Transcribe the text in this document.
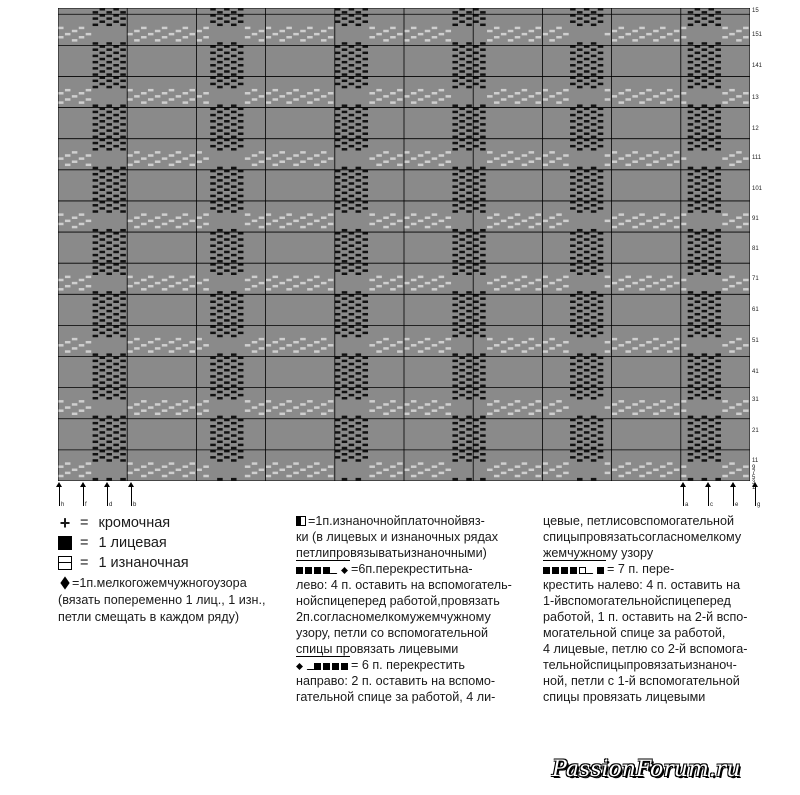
15
151
141
13
12
111
101
91
81
71
61
51
41
31
21
11
9
7
5
3
1
h	f	d	b	a	c	e	g
+ = кромочная
= 1 лицевая
= 1 изнаночная
=1п.мелкогожемчужногоузора
(вязать попеременно 1 лиц., 1 изн.,
петли смещать в каждом ряду)
=1п.изнаночнойплаточнойвяз-
ки (в лицевых и изнаночных рядах
петлипровязыватьизнаночными)
=6п.перекреститьна-
лево: 4 п. оставить на вспомогатель-
нойспицеперед работой,провязать
2п.согласномелкомужемчужному
узору, петли со вспомогательной
спицы провязать лицевыми
= 6 п. перекрестить
направо: 2 п. оставить на вспомо-
гательной спице за работой, 4 ли-
цевые, петлисовспомогательной
спицыпровязатьсогласномелкому
жемчужному узору
= 7 п. пере-
крестить налево: 4 п. оставить на
1-йвспомогательнойспицеперед
работой, 1 п. оставить на 2-й вспо-
могательной спице за работой,
4 лицевые, петлю со 2-й вспомога-
тельнойспицыпровязатьизнаноч-
ной, петли с 1-й вспомогательной
спицы провязать лицевыми
PassionForum.ru
